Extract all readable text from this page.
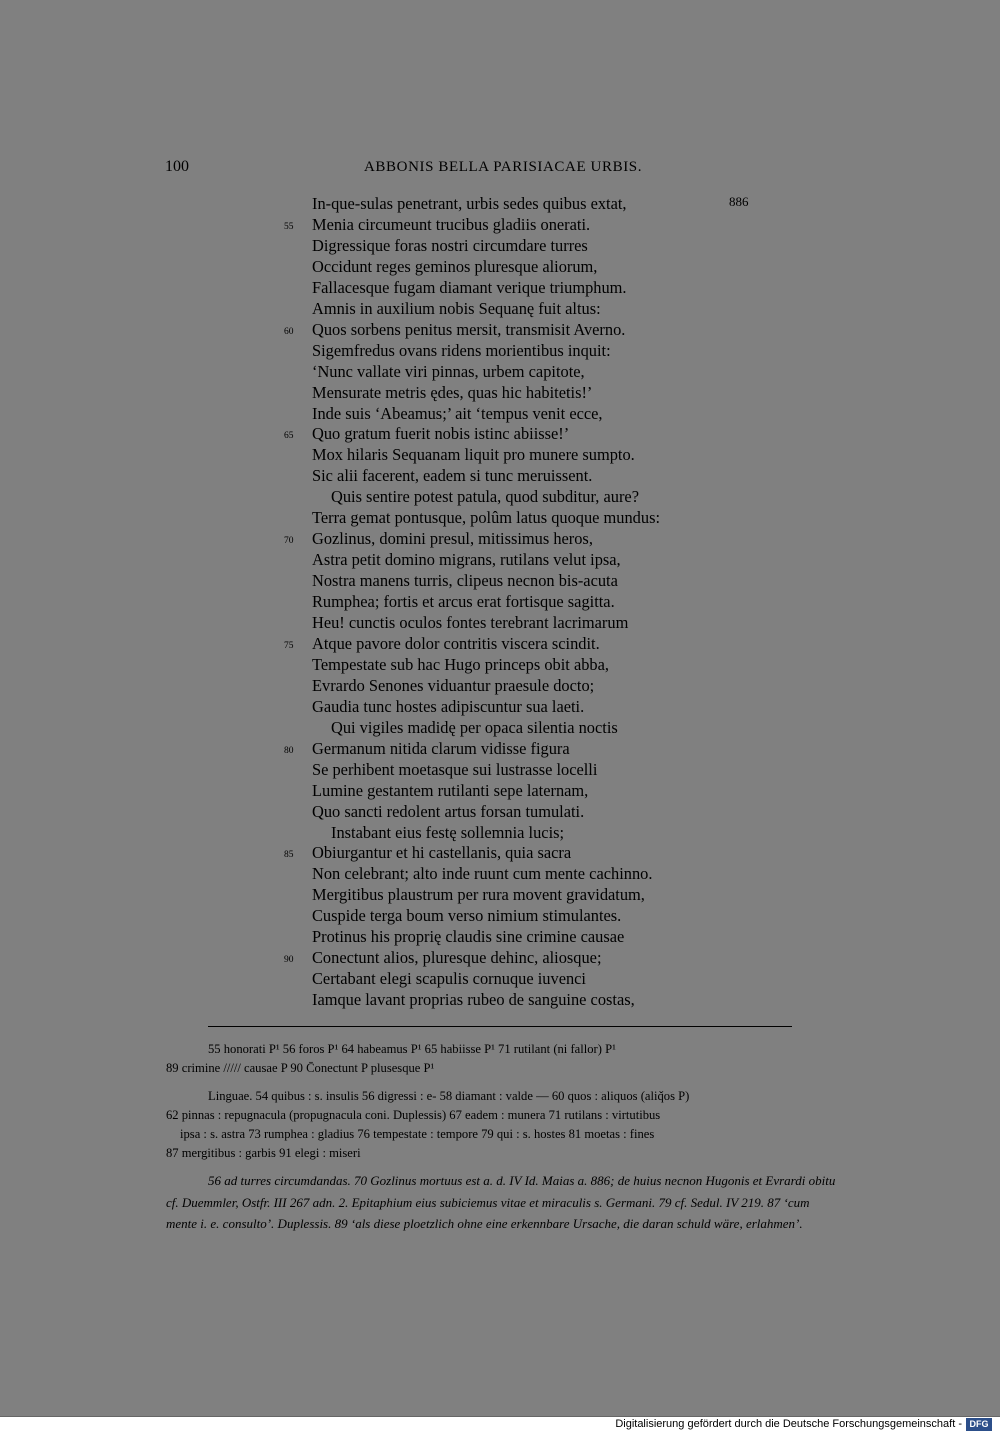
100	ABBONIS BELLA PARISIACAE URBIS.
886
In-que-sulas penetrant, urbis sedes quibus extat,
Menia circumeunt trucibus gladiis onerati.
55
Digressique foras nostri circumdare turres
Occidunt reges geminos pluresque aliorum,
Fallacesque fugam diamant verique triumphum.
Amnis in auxilium nobis Sequanę fuit altus:
Quos sorbens penitus mersit, transmisit Averno.
60
Sigemfredus ovans ridens morientibus inquit:
‘Nunc vallate viri pinnas, urbem capitote,
Mensurate metris ędes, quas hic habitetis!’
Inde suis ‘Abeamus;’ ait ‘tempus venit ecce,
Quo gratum fuerit nobis istinc abiisse!’
65
Mox hilaris Sequanam liquit pro munere sumpto.
Sic alii facerent, eadem si tunc meruissent.
Quis sentire potest patula, quod subditur, aure?
Terra gemat pontusque, polûm latus quoque mundus:
Gozlinus, domini presul, mitissimus heros,
70
Astra petit domino migrans, rutilans velut ipsa,
Nostra manens turris, clipeus necnon bis-acuta
Rumphea; fortis et arcus erat fortisque sagitta.
Heu! cunctis oculos fontes terebrant lacrimarum
Atque pavore dolor contritis viscera scindit.
75
Tempestate sub hac Hugo princeps obit abba,
Evrardo Senones viduantur praesule docto;
Gaudia tunc hostes adipiscuntur sua laeti.
Qui vigiles madidę per opaca silentia noctis
Germanum nitida clarum vidisse figura
80
Se perhibent moetasque sui lustrasse locelli
Lumine gestantem rutilanti sepe laternam,
Quo sancti redolent artus forsan tumulati.
Instabant eius festę sollemnia lucis;
Obiurgantur et hi castellanis, quia sacra
85
Non celebrant; alto inde ruunt cum mente cachinno.
Mergitibus plaustrum per rura movent gravidatum,
Cuspide terga boum verso nimium stimulantes.
Protinus his proprię claudis sine crimine causae
Conectunt alios, pluresque dehinc, aliosque;
90
Certabant elegi scapulis cornuque iuvenci
Iamque lavant proprias rubeo de sanguine costas,
55 honorati P¹ 56 foros P¹ 64 habeamus P¹ 65 habiisse P¹ 71 rutilant (ni fallor) P¹
89 crimine ///// causae P 90 C̄onectunt P plusesque P¹
Linguae. 54 quibus : s. insulis 56 digressi : e- 58 diamant : valde — 60 quos : aliquos (aliq̌os P)
62 pinnas : repugnacula (propugnacula coni. Duplessis) 67 eadem : munera 71 rutilans : virtutibus
ipsa : s. astra 73 rumphea : gladius 76 tempestate : tempore 79 qui : s. hostes 81 moetas : fines
87 mergitibus : garbis 91 elegi : miseri
56 ad turres circumdandas. 70 Gozlinus mortuus est a. d. IV Id. Maias a. 886; de huius necnon Hugonis et Evrardi obitu cf. Duemmler, Ostfr. III 267 adn. 2. Epitaphium eius subiciemus vitae et miraculis s. Germani. 79 cf. Sedul. IV 219. 87 ‘cum mente i. e. consulto’. Duplessis. 89 ‘als diese ploetzlich ohne eine erkennbare Ursache, die daran schuld wäre, erlahmen’.
Digitalisierung gefördert durch die Deutsche Forschungsgemeinschaft - DFG
